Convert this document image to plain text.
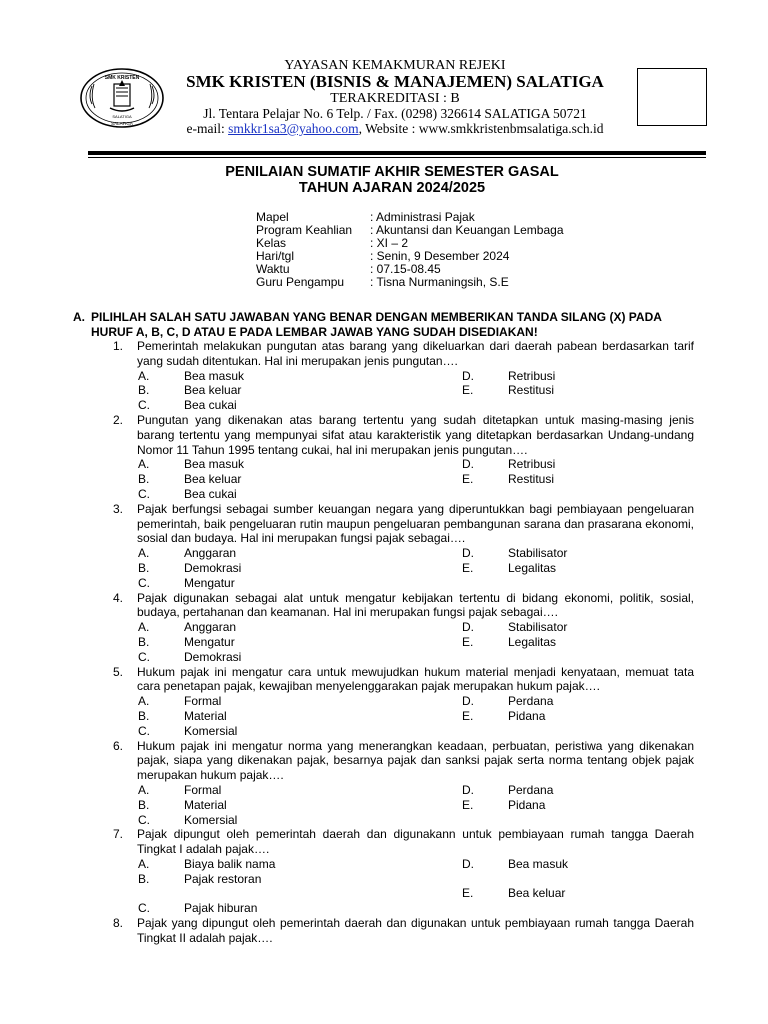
SMK KRISTEN
SALATIGA
SALATIGA
YAYASAN KEMAKMURAN REJEKI
SMK KRISTEN (BISNIS & MANAJEMEN) SALATIGA
TERAKREDITASI : B
Jl. Tentara Pelajar No. 6 Telp. / Fax. (0298) 326614 SALATIGA 50721
e-mail: smkkr1sa3@yahoo.com, Website : www.smkkristenbmsalatiga.sch.id
PENILAIAN SUMATIF AKHIR SEMESTER GASAL
TAHUN AJARAN 2024/2025
Mapel	: Administrasi Pajak
Program Keahlian	: Akuntansi dan Keuangan Lembaga
Kelas	: XI – 2
Hari/tgl	: Senin, 9 Desember 2024
Waktu	: 07.15-08.45
Guru Pengampu	: Tisna Nurmaningsih, S.E
A. PILIHLAH SALAH SATU JAWABAN YANG BENAR DENGAN MEMBERIKAN TANDA SILANG (X) PADA HURUF A, B, C, D ATAU E PADA LEMBAR JAWAB YANG SUDAH DISEDIAKAN!
1.	Pemerintah melakukan pungutan atas barang yang dikeluarkan dari daerah pabean berdasarkan tarif yang sudah ditentukan. Hal ini merupakan jenis pungutan….
A.	Bea masuk	D.	Retribusi
B.	Bea keluar	E.	Restitusi
C.	Bea cukai
2.	Pungutan yang dikenakan atas barang tertentu yang sudah ditetapkan untuk masing-masing jenis barang tertentu yang mempunyai sifat atau karakteristik yang ditetapkan berdasarkan Undang-undang Nomor 11 Tahun 1995 tentang cukai, hal ini merupakan jenis pungutan….
A.	Bea masuk	D.	Retribusi
B.	Bea keluar	E.	Restitusi
C.	Bea cukai
3.	Pajak berfungsi sebagai sumber keuangan negara yang diperuntukkan bagi pembiayaan pengeluaran pemerintah, baik pengeluaran rutin maupun pengeluaran pembangunan sarana dan prasarana ekonomi, sosial dan budaya. Hal ini merupakan fungsi pajak sebagai….
A.	Anggaran	D.	Stabilisator
B.	Demokrasi	E.	Legalitas
C.	Mengatur
4.	Pajak digunakan sebagai alat untuk mengatur kebijakan tertentu di bidang ekonomi, politik, sosial, budaya, pertahanan dan keamanan. Hal ini merupakan fungsi pajak sebagai….
A.	Anggaran	D.	Stabilisator
B.	Mengatur	E.	Legalitas
C.	Demokrasi
5.	Hukum pajak ini mengatur cara untuk mewujudkan hukum material menjadi kenyataan, memuat tata cara penetapan pajak, kewajiban menyelenggarakan pajak merupakan hukum pajak….
A.	Formal	D.	Perdana
B.	Material	E.	Pidana
C.	Komersial
6.	Hukum pajak ini mengatur norma yang menerangkan keadaan, perbuatan, peristiwa yang dikenakan pajak, siapa yang dikenakan pajak, besarnya pajak dan sanksi pajak serta norma tentang objek pajak merupakan hukum pajak….
A.	Formal	D.	Perdana
B.	Material	E.	Pidana
C.	Komersial
7.	Pajak dipungut oleh pemerintah daerah dan digunakann untuk pembiayaan rumah tangga Daerah Tingkat I adalah pajak….
A.	Biaya balik nama	D.	Bea masuk
B.	Pajak restoran
E.	Bea keluar
C.	Pajak hiburan
8.	Pajak yang dipungut oleh pemerintah daerah dan digunakan untuk pembiayaan rumah tangga Daerah Tingkat II adalah pajak….
